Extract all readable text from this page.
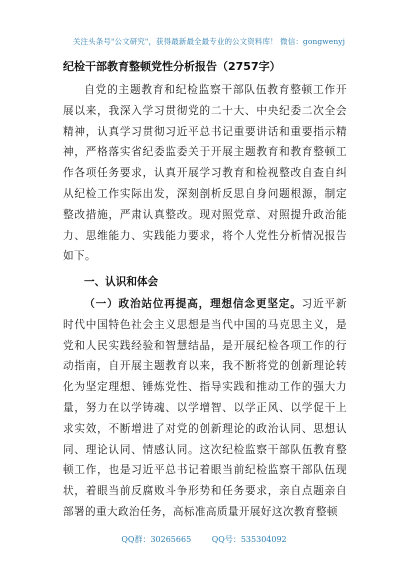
关注头条号"公文研究"，获得最新最全最专业的公文资料库！ 微信：gongwenyj
纪检干部教育整顿党性分析报告（2757字）
自党的主题教育和纪检监察干部队伍教育整顿工作开展以来，我深入学习贯彻党的二十大、中央纪委二次全会精神，认真学习贯彻习近平总书记重要讲话和重要指示精神，严格落实省纪委监委关于开展主题教育和教育整顿工作各项任务要求，认真开展学习教育和检视整改自查自纠从纪检工作实际出发，深刻剖析反思自身问题根源，制定整改措施，严肃认真整改。现对照党章、对照提升政治能力、思维能力、实践能力要求，将个人党性分析情况报告如下。
一、认识和体会
（一）政治站位再提高，理想信念更坚定。习近平新时代中国特色社会主义思想是当代中国的马克思主义，是党和人民实践经验和智慧结晶，是开展纪检各项工作的行动指南，自开展主题教育以来，我不断将党的创新理论转化为坚定理想、锤炼党性、指导实践和推动工作的强大力量，努力在以学铸魂、以学增智、以学正风、以学促干上求实效，不断增进了对党的创新理论的政治认同、思想认同、理论认同、情感认同。这次纪检监察干部队伍教育整顿工作，也是习近平总书记着眼当前纪检监察干部队伍现状，着眼当前反腐败斗争形势和任务要求，亲自点题亲自部署的重大政治任务，高标准高质量开展好这次教育整顿
QQ群：30265665	QQ号：535304092
